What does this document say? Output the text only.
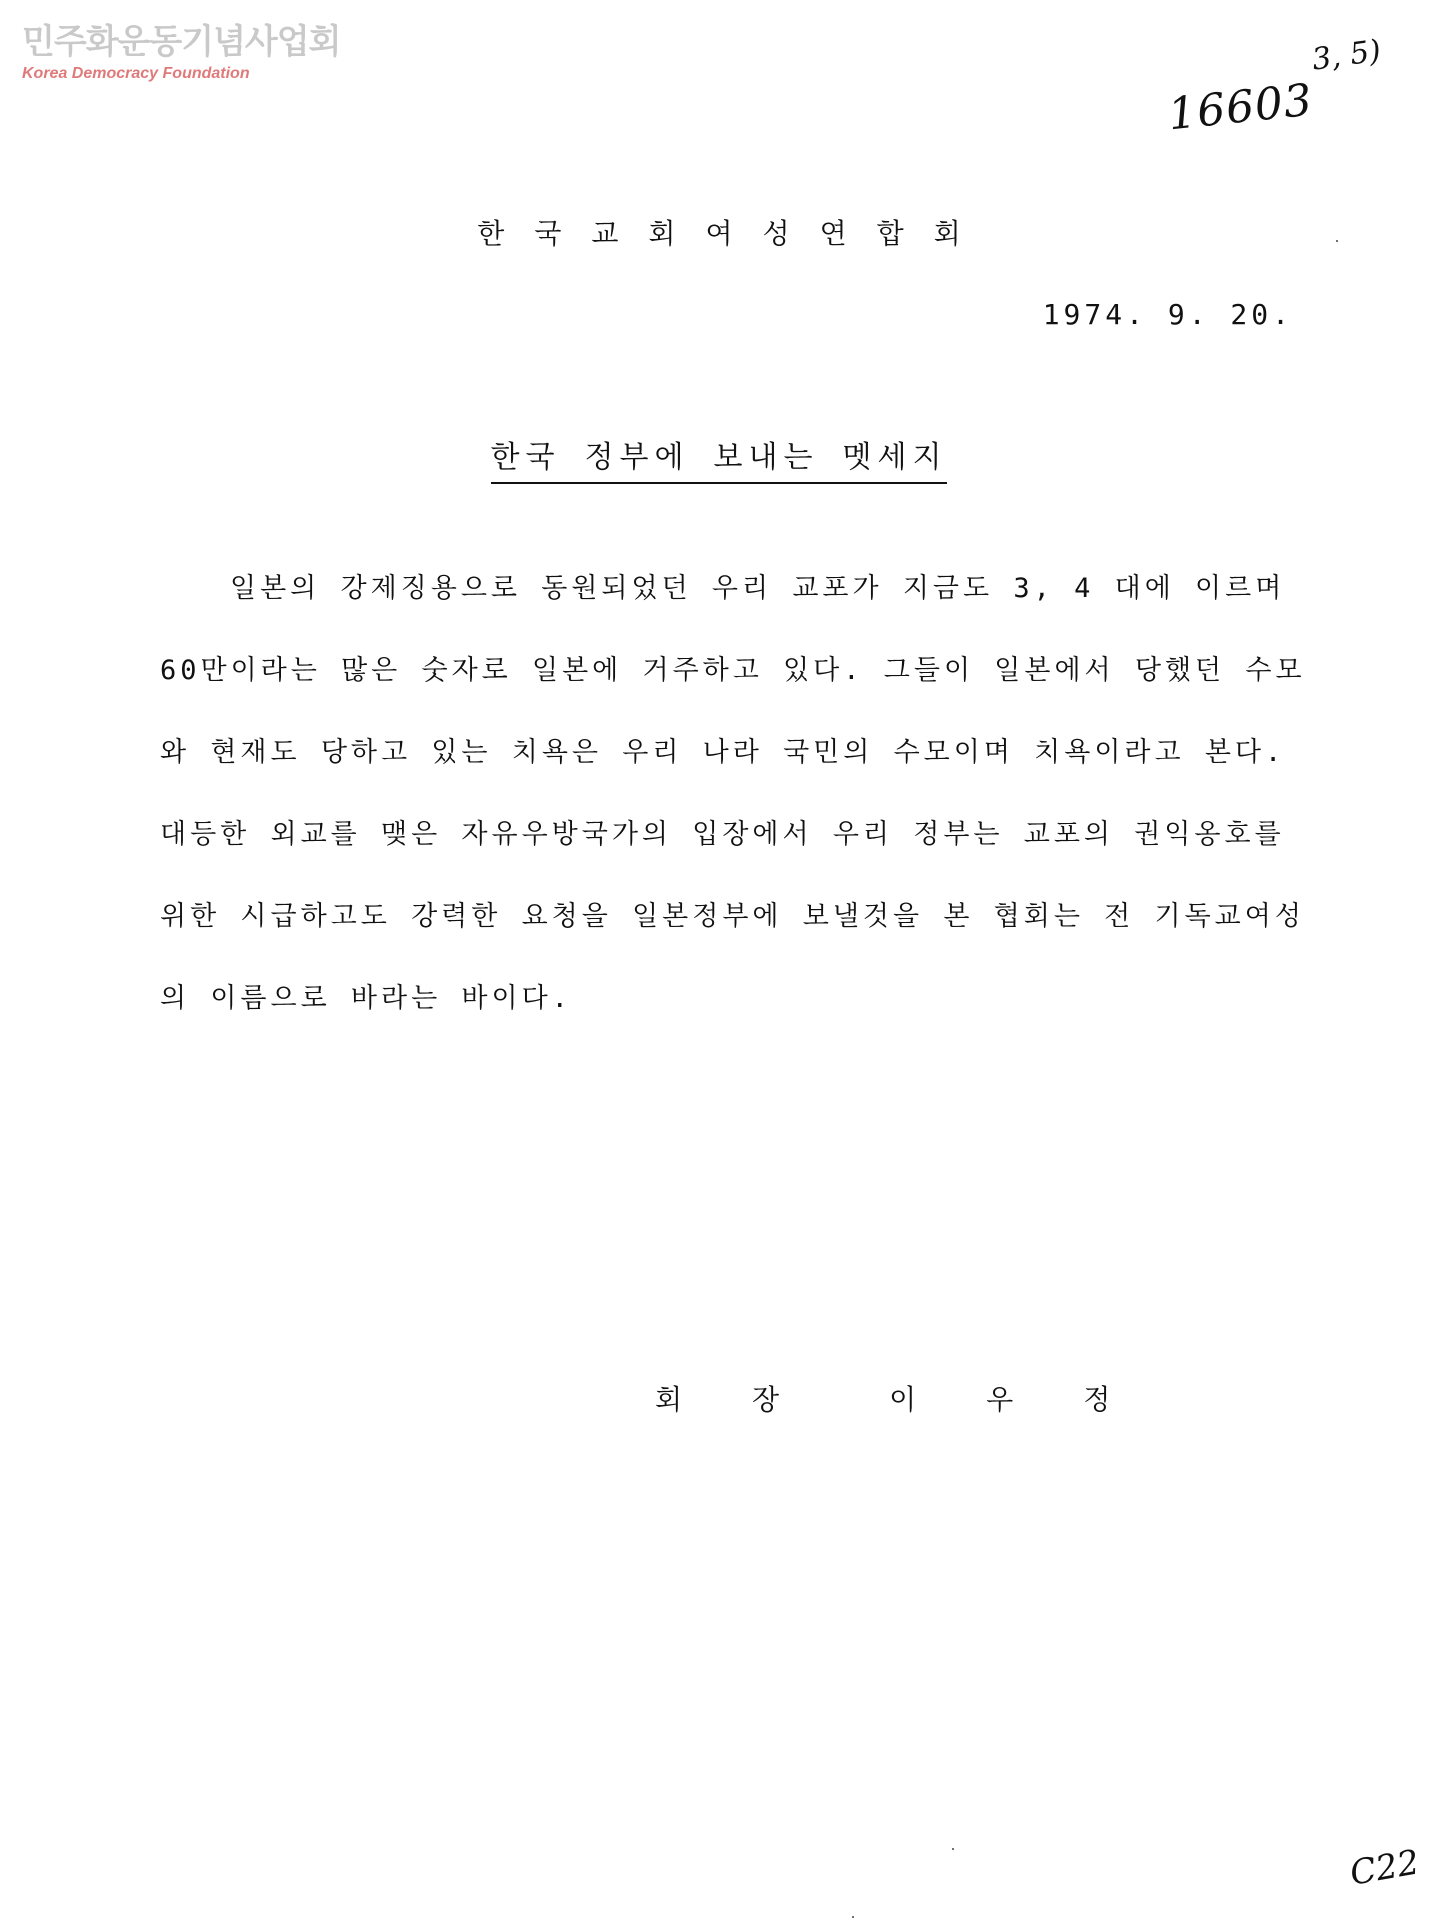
민주화운동기념사업회
Korea Democracy Foundation	3, 5)
16603
한국교회여성연합회
1974. 9. 20.
한국 정부에 보내는 멧세지

일본의 강제징용으로 동원되었던 우리 교포가 지금도 3, 4 대에 이르며 60만이라는 많은 숫자로 일본에 거주하고 있다. 그들이 일본에서 당했던 수모와 현재도 당하고 있는 치욕은 우리 나라 국민의 수모이며 치욕이라고 본다. 대등한 외교를 맺은 자유우방국가의 입장에서 우리 정부는 교포의 권익옹호를 위한 시급하고도 강력한 요청을 일본정부에 보낼것을 본 협회는 전 기독교여성의 이름으로 바라는 바이다.

회장 이우정
C22
